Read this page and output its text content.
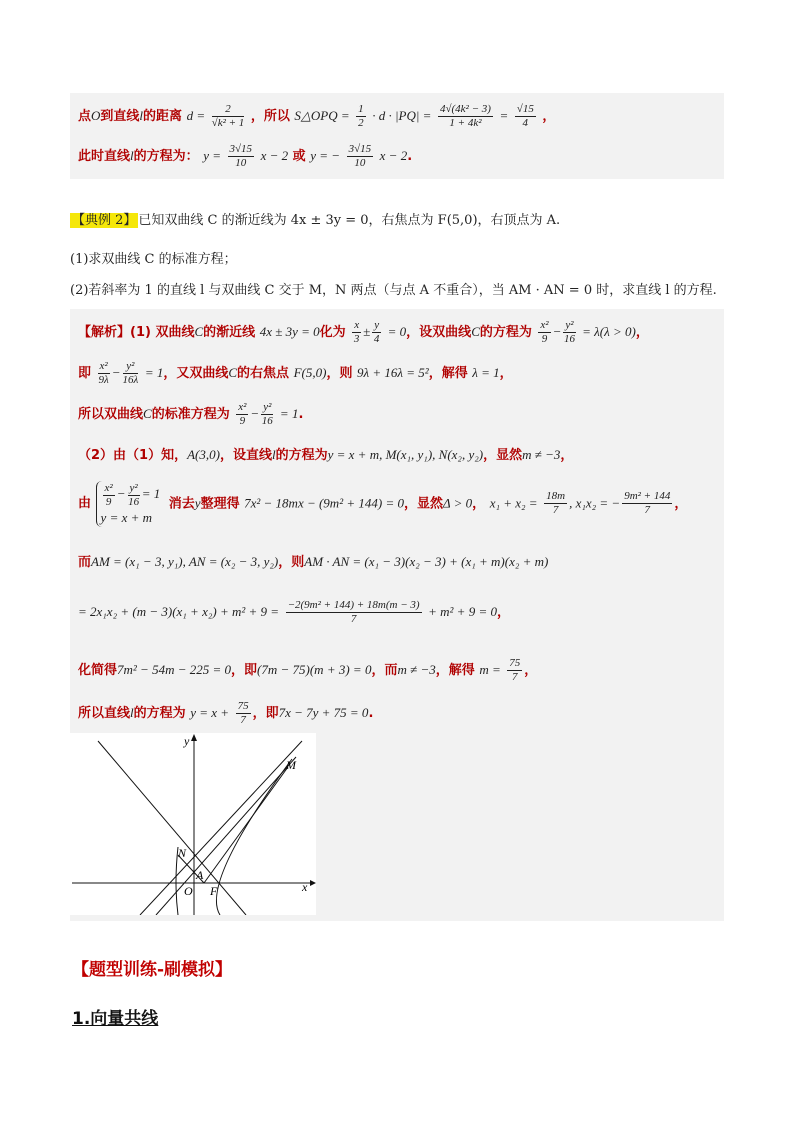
点O到直线l的距离 $d = \frac{2}{\text{√k² + 1}}$ ，所以 S△OPQ = $\frac{1}{2} \cdot d \cdot |PQ| = \frac{\text{4√(4k² − 3)}}{\text{1 + 4k²}} = \frac{√15}{4}$ ，
此时直线l的方程为： $y = \frac{3√15}{10}$ x − 2 或 y = − $\frac{3√15}{10}$ x − 2.
【典例 2】 已知双曲线 C 的渐近线为 4x ± 3y = 0，右焦点为 F(5,0)，右顶点为 A.
(1)求双曲线 C 的标准方程；
(2)若斜率为 1 的直线 l 与双曲线 C 交于 M，N 两点（与点 A 不重合），当 AM · AN = 0 时，求直线 l 的方程.
【解析】(1) 双曲线C的渐近线 4x ± 3y = 0化为 $\frac{x}{3} \pm \frac{y}{4} = 0$，设双曲线C的方程为 $\frac{\text{x²}}{9} - \frac{\text{y²}}{16} = \lambda(\lambda > 0)$，
即 $\frac{\text{x²}}{9\lambda} - \frac{\text{y²}}{16\lambda} = 1$，又双曲线C的右焦点 F(5,0)，则 9λ + 16λ = 5²，解得 λ = 1，
所以双曲线C的标准方程为 $\frac{\text{x²}}{9} - \frac{\text{y²}}{16} = 1$.
（2）由（1）知，A(3,0)，设直线l的方程为y = x + m, M(x₁, y₁), N(x₂, y₂)，显然m ≠ −3，
由 $\frac{\text{x²}}{9} - \frac{\text{y²}}{16} = 1$
y = x + m
消去y整理得 7x² − 18mx − (9m² + 144) = 0，显然Δ > 0， $x_1 + x_2 = \frac{18m}{7}$ , x₁x₂ = − $\frac{\text{9m² + 144}}{7}$ ，
而AM = (x₁ − 3, y₁), AN = (x₂ − 3, y₂)，则AM · AN = (x₁ − 3)(x₂ − 3) + (x₁ + m)(x₂ + m)
= $2x_1x_2 + (m - 3)(x_1 + x_2) + m^2 + 9 = \frac{\text{−2(9m² + 144) + 18m(m − 3)}}{7} + m^2 + 9 = 0$，
化简得7m² − 54m − 225 = 0，即(7m − 75)(m + 3) = 0，而m ≠ −3，解得 $m = \frac{75}{7}$ ，
所以直线l的方程为 $y = x + \frac{75}{7}$ ，即7x − 7y + 75 = 0.
x
y
M
N
A
O F
【题型训练-刷模拟】
1.向量共线
